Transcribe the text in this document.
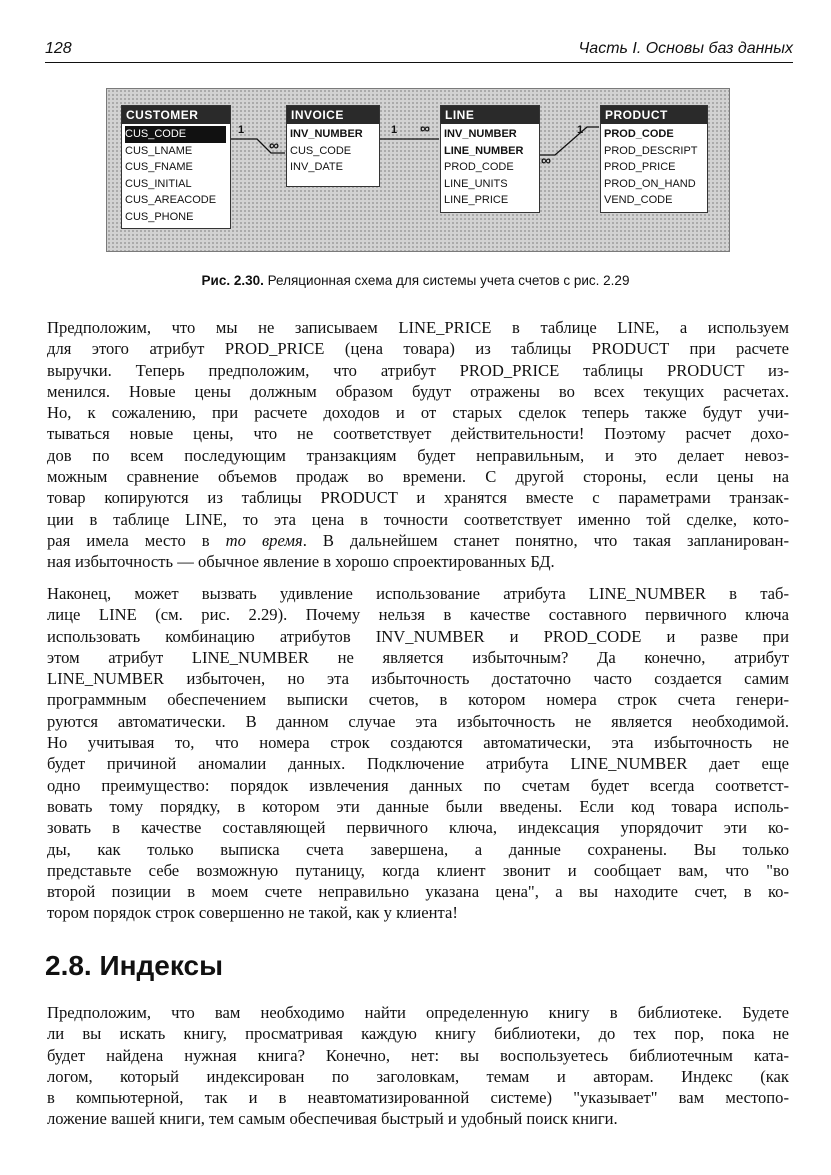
128	Часть I. Основы баз данных
1
∞
1 ∞	1
∞
CUSTOMER
CUS_CODE
CUS_LNAME
CUS_FNAME
CUS_INITIAL
CUS_AREACODE
CUS_PHONE
INVOICE
INV_NUMBER
CUS_CODE
INV_DATE
LINE
INV_NUMBER
LINE_NUMBER
PROD_CODE
LINE_UNITS
LINE_PRICE
PRODUCT
PROD_CODE
PROD_DESCRIPT
PROD_PRICE
PROD_ON_HAND
VEND_CODE
Рис. 2.30. Реляционная схема для системы учета счетов с рис. 2.29
Предположим, что мы не записываем LINE_PRICE в таблице LINE, а используем
для этого атрибут PROD_PRICE (цена товара) из таблицы PRODUCT при расчете
выручки. Теперь предположим, что атрибут PROD_PRICE таблицы PRODUCT из-
менился. Новые цены должным образом будут отражены во всех текущих расчетах.
Но, к сожалению, при расчете доходов и от старых сделок теперь также будут учи-
тываться новые цены, что не соответствует действительности! Поэтому расчет дохо-
дов по всем последующим транзакциям будет неправильным, и это делает невоз-
можным сравнение объемов продаж во времени. С другой стороны, если цены на
товар копируются из таблицы PRODUCT и хранятся вместе с параметрами транзак-
ции в таблице LINE, то эта цена в точности соответствует именно той сделке, кото-
рая имела место в то время. В дальнейшем станет понятно, что такая запланирован-
ная избыточность — обычное явление в хорошо спроектированных БД.
Наконец, может вызвать удивление использование атрибута LINE_NUMBER в таб-
лице LINE (см. рис. 2.29). Почему нельзя в качестве составного первичного ключа
использовать комбинацию атрибутов INV_NUMBER и PROD_CODE и разве при
этом атрибут LINE_NUMBER не является избыточным? Да конечно, атрибут
LINE_NUMBER избыточен, но эта избыточность достаточно часто создается самим
программным обеспечением выписки счетов, в котором номера строк счета генери-
руются автоматически. В данном случае эта избыточность не является необходимой.
Но учитывая то, что номера строк создаются автоматически, эта избыточность не
будет причиной аномалии данных. Подключение атрибута LINE_NUMBER дает еще
одно преимущество: порядок извлечения данных по счетам будет всегда соответст-
вовать тому порядку, в котором эти данные были введены. Если код товара исполь-
зовать в качестве составляющей первичного ключа, индексация упорядочит эти ко-
ды, как только выписка счета завершена, а данные сохранены. Вы только
представьте себе возможную путаницу, когда клиент звонит и сообщает вам, что "во
второй позиции в моем счете неправильно указана цена", а вы находите счет, в ко-
тором порядок строк совершенно не такой, как у клиента!
2.8. Индексы
Предположим, что вам необходимо найти определенную книгу в библиотеке. Будете
ли вы искать книгу, просматривая каждую книгу библиотеки, до тех пор, пока не
будет найдена нужная книга? Конечно, нет: вы воспользуетесь библиотечным ката-
логом, который индексирован по заголовкам, темам и авторам. Индекс (как
в компьютерной, так и в неавтоматизированной системе) "указывает" вам местопо-
ложение вашей книги, тем самым обеспечивая быстрый и удобный поиск книги.
